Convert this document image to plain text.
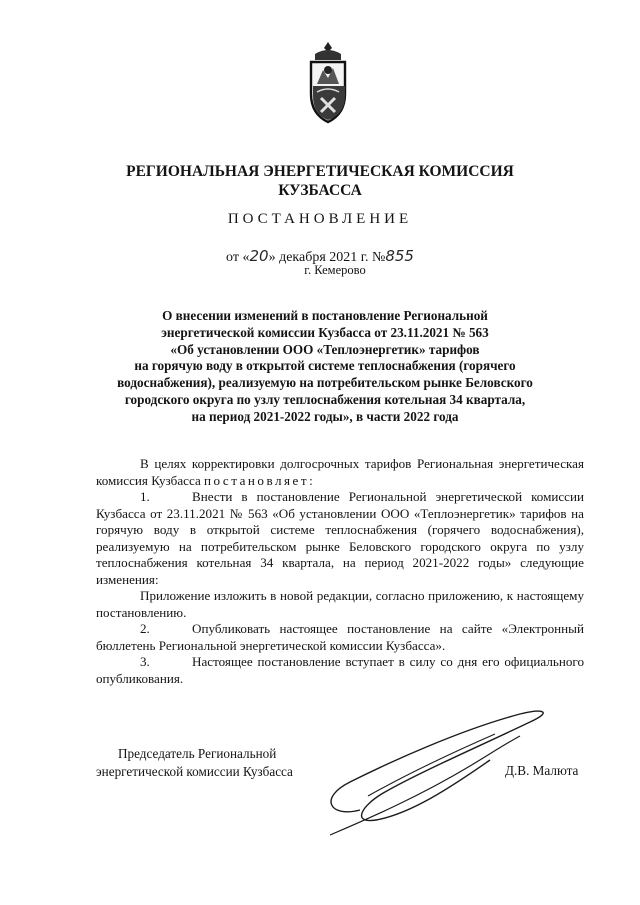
РЕГИОНАЛЬНАЯ ЭНЕРГЕТИЧЕСКАЯ КОМИССИЯ
КУЗБАССА
ПОСТАНОВЛЕНИЕ
от «20» декабря 2021 г. №855
г. Кемерово
О внесении изменений в постановление Региональной
энергетической комиссии Кузбасса от 23.11.2021 № 563
«Об установлении ООО «Теплоэнергетик» тарифов
на горячую воду в открытой системе теплоснабжения (горячего
водоснабжения), реализуемую на потребительском рынке Беловского
городского округа по узлу теплоснабжения котельная 34 квартала,
на период 2021-2022 годы», в части 2022 года

В целях корректировки долгосрочных тарифов Региональная энергетическая комиссия Кузбасса постановляет:

1.	Внести в постановление Региональной энергетической комиссии Кузбасса от 23.11.2021 № 563 «Об установлении ООО «Теплоэнергетик» тарифов на горячую воду в открытой системе теплоснабжения (горячего водоснабжения), реализуемую на потребительском рынке Беловского городского округа по узлу теплоснабжения котельная 34 квартала, на период 2021-2022 годы» следующие изменения:

Приложение изложить в новой редакции, согласно приложению, к настоящему постановлению.

2.	Опубликовать настоящее постановление на сайте «Электронный бюллетень Региональной энергетической комиссии Кузбасса».

3.	Настоящее постановление вступает в силу со дня его официального опубликования.

Председатель Региональной
энергетической комиссии Кузбасса	Д.В. Малюта
